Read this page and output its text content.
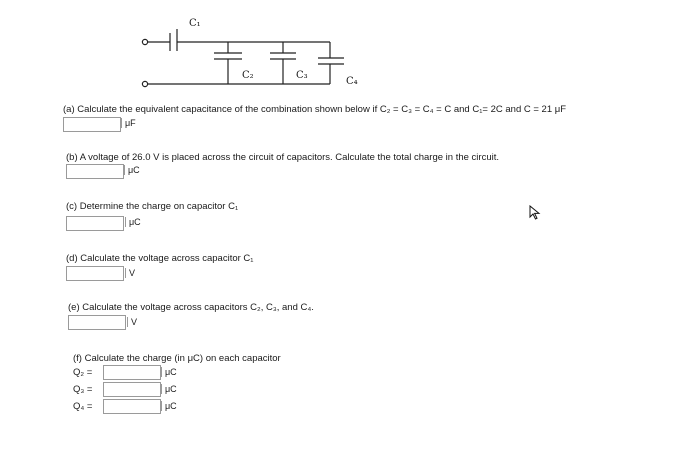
C₁
C₂	C₃
C₄
(a) Calculate the equivalent capacitance of the combination shown below if C₂ = C₃ = C₄ = C and C₁= 2C and C = 21 μF
μF
(b) A voltage of 26.0 V is placed across the circuit of capacitors. Calculate the total charge in the circuit.
μC
(c) Determine the charge on capacitor C₁
μC
(d) Calculate the voltage across capacitor C₁
V
(e) Calculate the voltage across capacitors C₂, C₃, and C₄.
V
(f) Calculate the charge (in μC) on each capacitor
Q₂ =	μC
Q₃ =	μC
Q₄ =	μC
